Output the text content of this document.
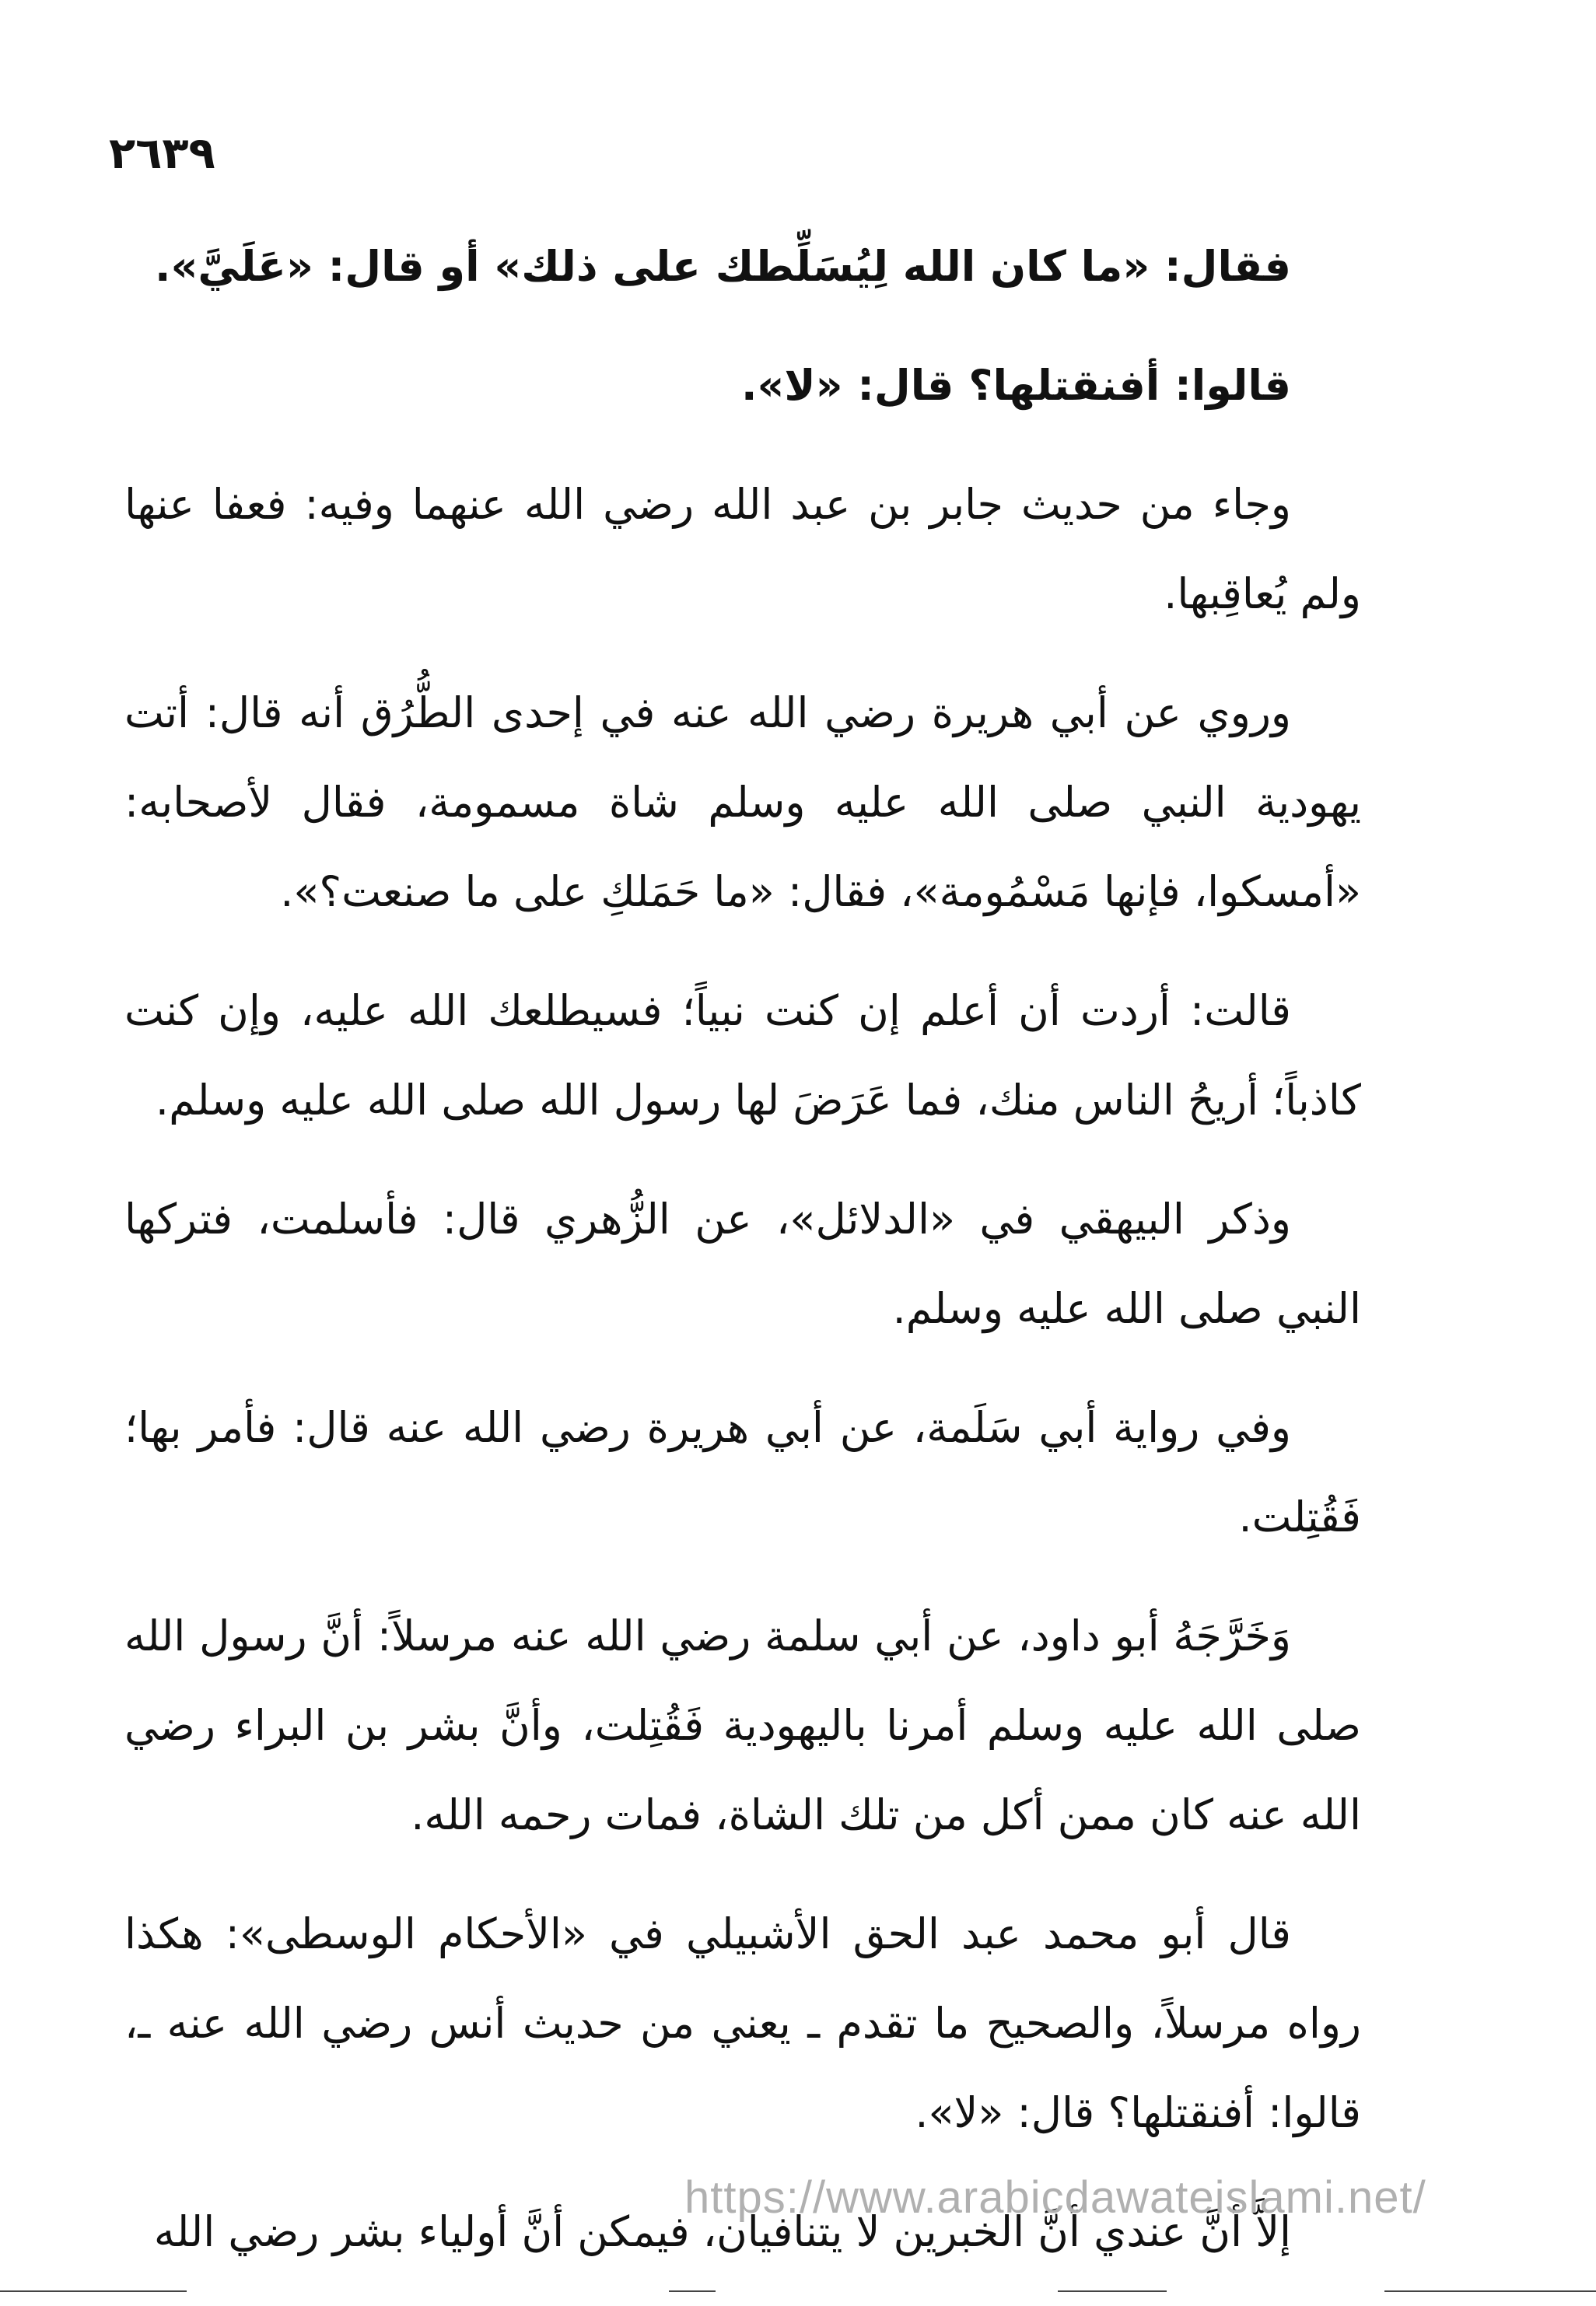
٢٦٣٩

فقال: «ما كان الله لِيُسَلِّطك على ذلك» أو قال: «عَلَيَّ».

قالوا: أفنقتلها؟ قال: «لا».

وجاء من حديث جابر بن عبد الله رضي الله عنهما وفيه: فعفا عنها ولم يُعاقِبها.

وروي عن أبي هريرة رضي الله عنه في إحدى الطُّرُق أنه قال: أتت يهودية النبي صلى الله عليه وسلم شاة مسمومة، فقال لأصحابه: «أمسكوا، فإنها مَسْمُومة»، فقال: «ما حَمَلكِ على ما صنعت؟».

قالت: أردت أن أعلم إن كنت نبياً؛ فسيطلعك الله عليه، وإن كنت كاذباً؛ أريحُ الناس منك، فما عَرَضَ لها رسول الله صلى الله عليه وسلم.

وذكر البيهقي في «الدلائل»، عن الزُّهري قال: فأسلمت، فتركها النبي صلى الله عليه وسلم.

وفي رواية أبي سَلَمة، عن أبي هريرة رضي الله عنه قال: فأمر بها؛ فَقُتِلت.

وَخَرَّجَهُ أبو داود، عن أبي سلمة رضي الله عنه مرسلاً: أنَّ رسول الله صلى الله عليه وسلم أمرنا باليهودية فَقُتِلت، وأنَّ بشر بن البراء رضي الله عنه كان ممن أكل من تلك الشاة، فمات رحمه الله.

قال أبو محمد عبد الحق الأشبيلي في «الأحكام الوسطى»: هكذا رواه مرسلاً، والصحيح ما تقدم ـ يعني من حديث أنس رضي الله عنه ـ، قالوا: أفنقتلها؟ قال: «لا».

إلاَّ أنَّ عندي أنَّ الخبرين لا يتنافيان، فيمكن أنَّ أولياء بشر رضي الله

https://www.arabicdawateislami.net/
